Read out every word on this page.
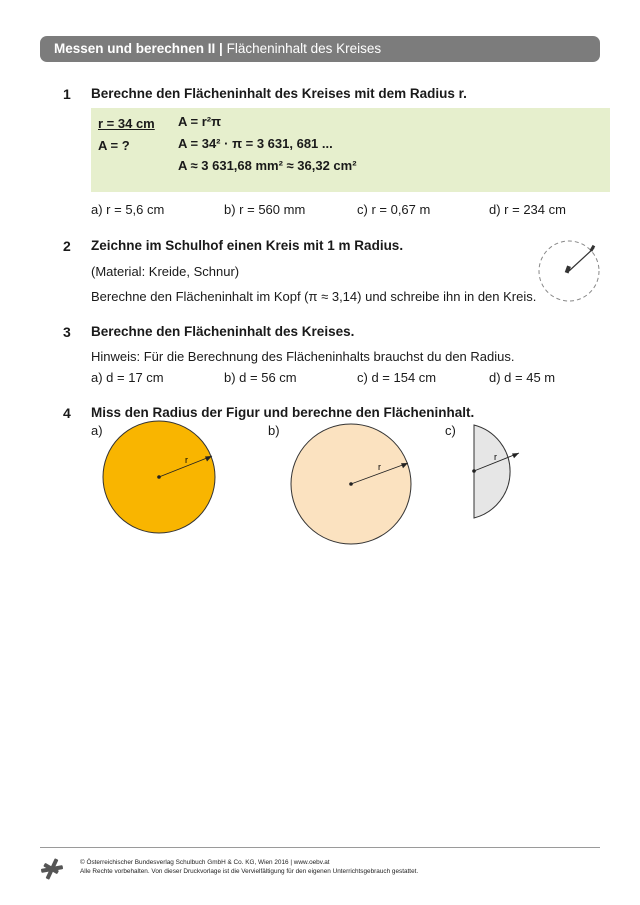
Messen und berechnen II | Flächeninhalt des Kreises
1 Berechne den Flächeninhalt des Kreises mit dem Radius r.
r = 34 cm
A = ?
A = r²π
A = 34² · π = 3 631, 681 ...
A ≈ 3 631,68 mm² ≈ 36,32 cm²
a) r = 5,6 cm	b) r = 560 mm	c) r = 0,67 m	d) r = 234 cm
2 Zeichne im Schulhof einen Kreis mit 1 m Radius.
(Material: Kreide, Schnur)
Berechne den Flächeninhalt im Kopf (π ≈ 3,14) und schreibe ihn in den Kreis.
3 Berechne den Flächeninhalt des Kreises.
Hinweis: Für die Berechnung des Flächeninhalts brauchst du den Radius.
a) d = 17 cm	b) d = 56 cm	c) d = 154 cm	d) d = 45 m
4 Miss den Radius der Figur und berechne den Flächeninhalt.
a)	b)	c)
r
r
r
© Österreichischer Bundesverlag Schulbuch GmbH & Co. KG, Wien 2016 | www.oebv.at
Alle Rechte vorbehalten. Von dieser Druckvorlage ist die Vervielfältigung für den eigenen Unterrichtsgebrauch gestattet.
